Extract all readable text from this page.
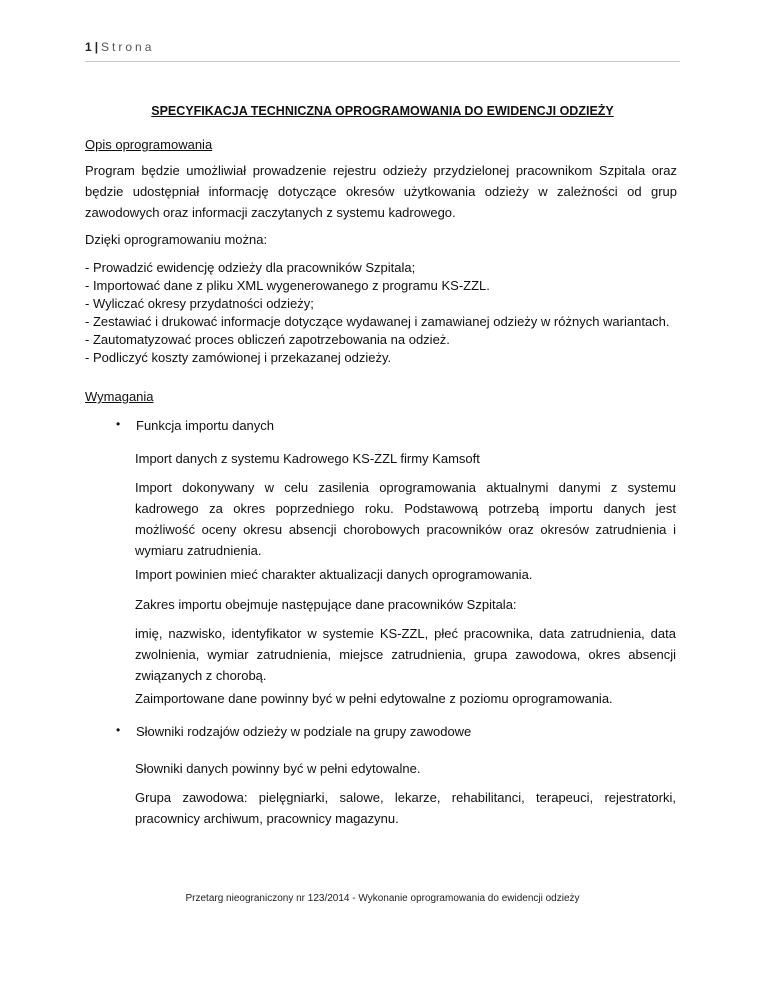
1 | Strona
SPECYFIKACJA TECHNICZNA OPROGRAMOWANIA DO EWIDENCJI ODZIEŻY
Opis oprogramowania

Program będzie umożliwiał prowadzenie rejestru odzieży przydzielonej pracownikom Szpitala oraz będzie udostępniał informację dotyczące okresów użytkowania odzieży w zależności od grup zawodowych oraz informacji zaczytanych z systemu kadrowego.

Dzięki oprogramowaniu można:

- Prowadzić ewidencję odzieży dla pracowników Szpitala;
- Importować dane z pliku XML wygenerowanego z programu KS-ZZL.
- Wyliczać okresy przydatności odzieży;
- Zestawiać i drukować informacje dotyczące wydawanej i zamawianej odzieży w różnych wariantach.
- Zautomatyzować proces obliczeń zapotrzebowania na odzież.
- Podliczyć koszty zamówionej i przekazanej odzieży.
Wymagania
• Funkcja importu danych

Import danych z systemu Kadrowego KS-ZZL firmy Kamsoft

Import dokonywany w celu zasilenia oprogramowania aktualnymi danymi z systemu kadrowego za okres poprzedniego roku. Podstawową potrzebą importu danych jest możliwość oceny okresu absencji chorobowych pracowników oraz okresów zatrudnienia i wymiaru zatrudnienia.

Import powinien mieć charakter aktualizacji danych oprogramowania.

Zakres importu obejmuje następujące dane pracowników Szpitala:

imię, nazwisko, identyfikator w systemie KS-ZZL, płeć pracownika, data zatrudnienia, data zwolnienia, wymiar zatrudnienia, miejsce zatrudnienia, grupa zawodowa, okres absencji związanych z chorobą.

Zaimportowane dane powinny być w pełni edytowalne z poziomu oprogramowania.

• Słowniki rodzajów odzieży w podziale na grupy zawodowe

Słowniki danych powinny być w pełni edytowalne.

Grupa zawodowa: pielęgniarki, salowe, lekarze, rehabilitanci, terapeuci, rejestratorki, pracownicy archiwum, pracownicy magazynu.

Przetarg nieograniczony nr 123/2014 - Wykonanie oprogramowania do ewidencji odzieży
